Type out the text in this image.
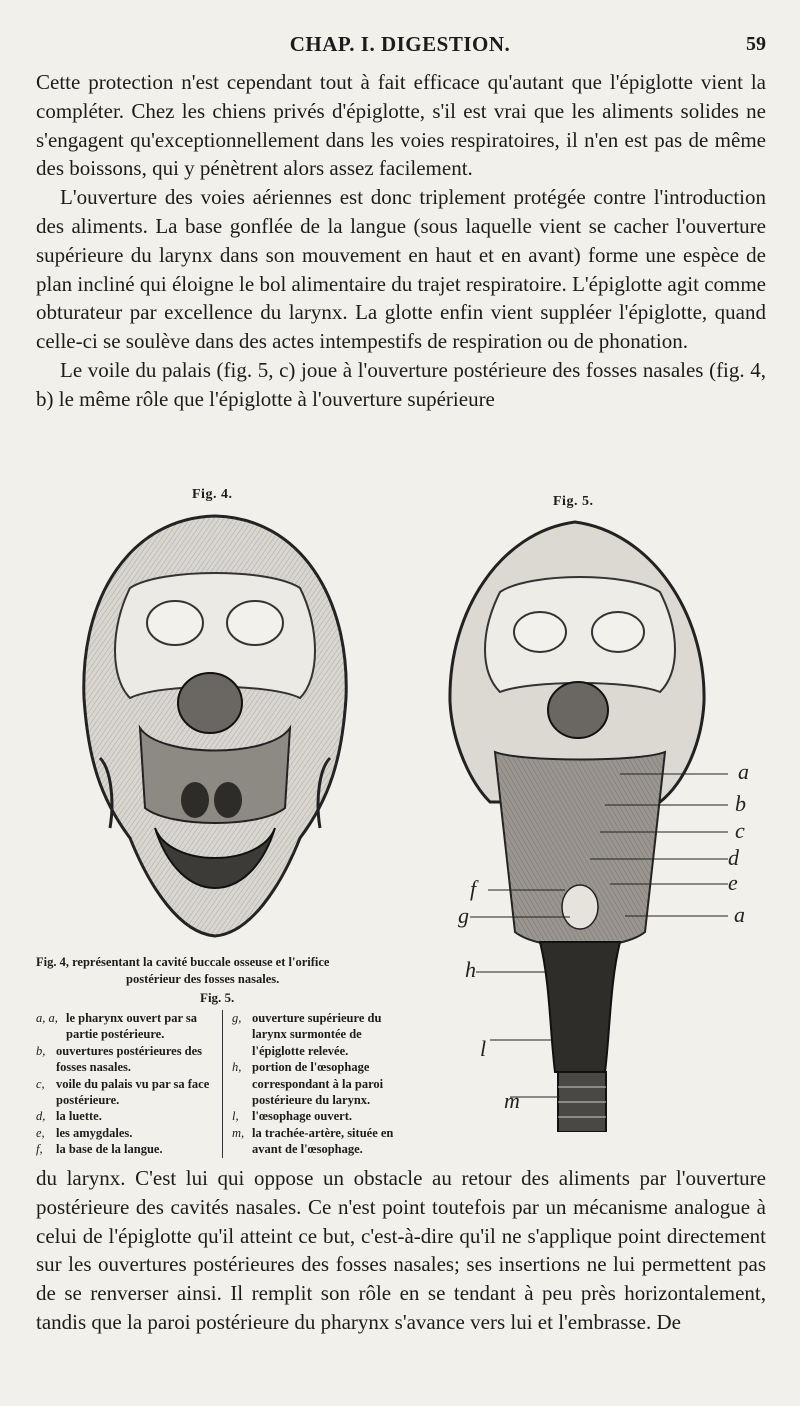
CHAP. I. DIGESTION.	59

Cette protection n'est cependant tout à fait efficace qu'autant que l'épiglotte vient la compléter. Chez les chiens privés d'épiglotte, s'il est vrai que les aliments solides ne s'engagent qu'exceptionnellement dans les voies respiratoires, il n'en est pas de même des boissons, qui y pénètrent alors assez facilement.

L'ouverture des voies aériennes est donc triplement protégée contre l'introduction des aliments. La base gonflée de la langue (sous laquelle vient se cacher l'ouverture supérieure du larynx dans son mouvement en haut et en avant) forme une espèce de plan incliné qui éloigne le bol alimentaire du trajet respiratoire. L'épiglotte agit comme obturateur par excellence du larynx. La glotte enfin vient suppléer l'épiglotte, quand celle-ci se soulève dans des actes intempestifs de respiration ou de phonation.

Le voile du palais (fig. 5, c) joue à l'ouverture postérieure des fosses nasales (fig. 4, b) le même rôle que l'épiglotte à l'ouverture supérieure

Fig. 4.	Fig. 5.
a
b
c
d
e
a
f
g
h
l
m
Fig. 4, représentant la cavité buccale osseuse et l'orifice
postérieur des fosses nasales.
Fig. 5.
a, a, le pharynx ouvert par sa partie postérieure.
b, ouvertures postérieures des fosses nasales.
c, voile du palais vu par sa face postérieure.
d, la luette.
e, les amygdales.
f,	la base de la langue.
g, ouverture supérieure du larynx surmontée de l'épiglotte relevée.
h, portion de l'œsophage correspondant à la paroi postérieure du larynx.
l,	l'œsophage ouvert.
m, la trachée-artère, située en avant de l'œsophage.

du larynx. C'est lui qui oppose un obstacle au retour des aliments par l'ouverture postérieure des cavités nasales. Ce n'est point toutefois par un mécanisme analogue à celui de l'épiglotte qu'il atteint ce but, c'est-à-dire qu'il ne s'applique point directement sur les ouvertures postérieures des fosses nasales; ses insertions ne lui permettent pas de se renverser ainsi. Il remplit son rôle en se tendant à peu près horizontalement, tandis que la paroi postérieure du pharynx s'avance vers lui et l'embrasse. De
